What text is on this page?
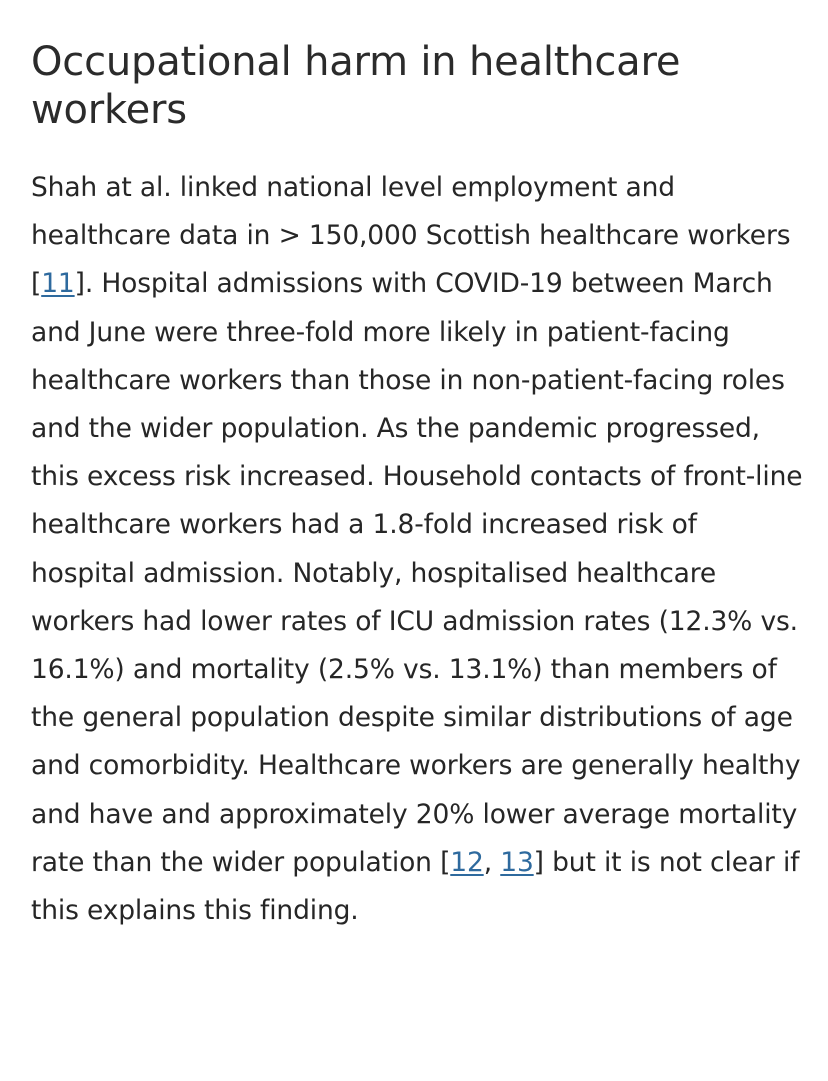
Occupational harm in healthcare workers

Shah at al. linked national level employment and healthcare data in > 150,000 Scottish healthcare workers [11]. Hospital admissions with COVID-19 between March and June were three-fold more likely in patient-facing healthcare workers than those in non-patient-facing roles and the wider population. As the pandemic progressed, this excess risk increased. Household contacts of front-line healthcare workers had a 1.8-fold increased risk of hospital admission. Notably, hospitalised healthcare workers had lower rates of ICU admission rates (12.3% vs. 16.1%) and mortality (2.5% vs. 13.1%) than members of the general population despite similar distributions of age and comorbidity. Healthcare workers are generally healthy and have and approximately 20% lower average mortality rate than the wider population [12, 13] but it is not clear if this explains this finding.
